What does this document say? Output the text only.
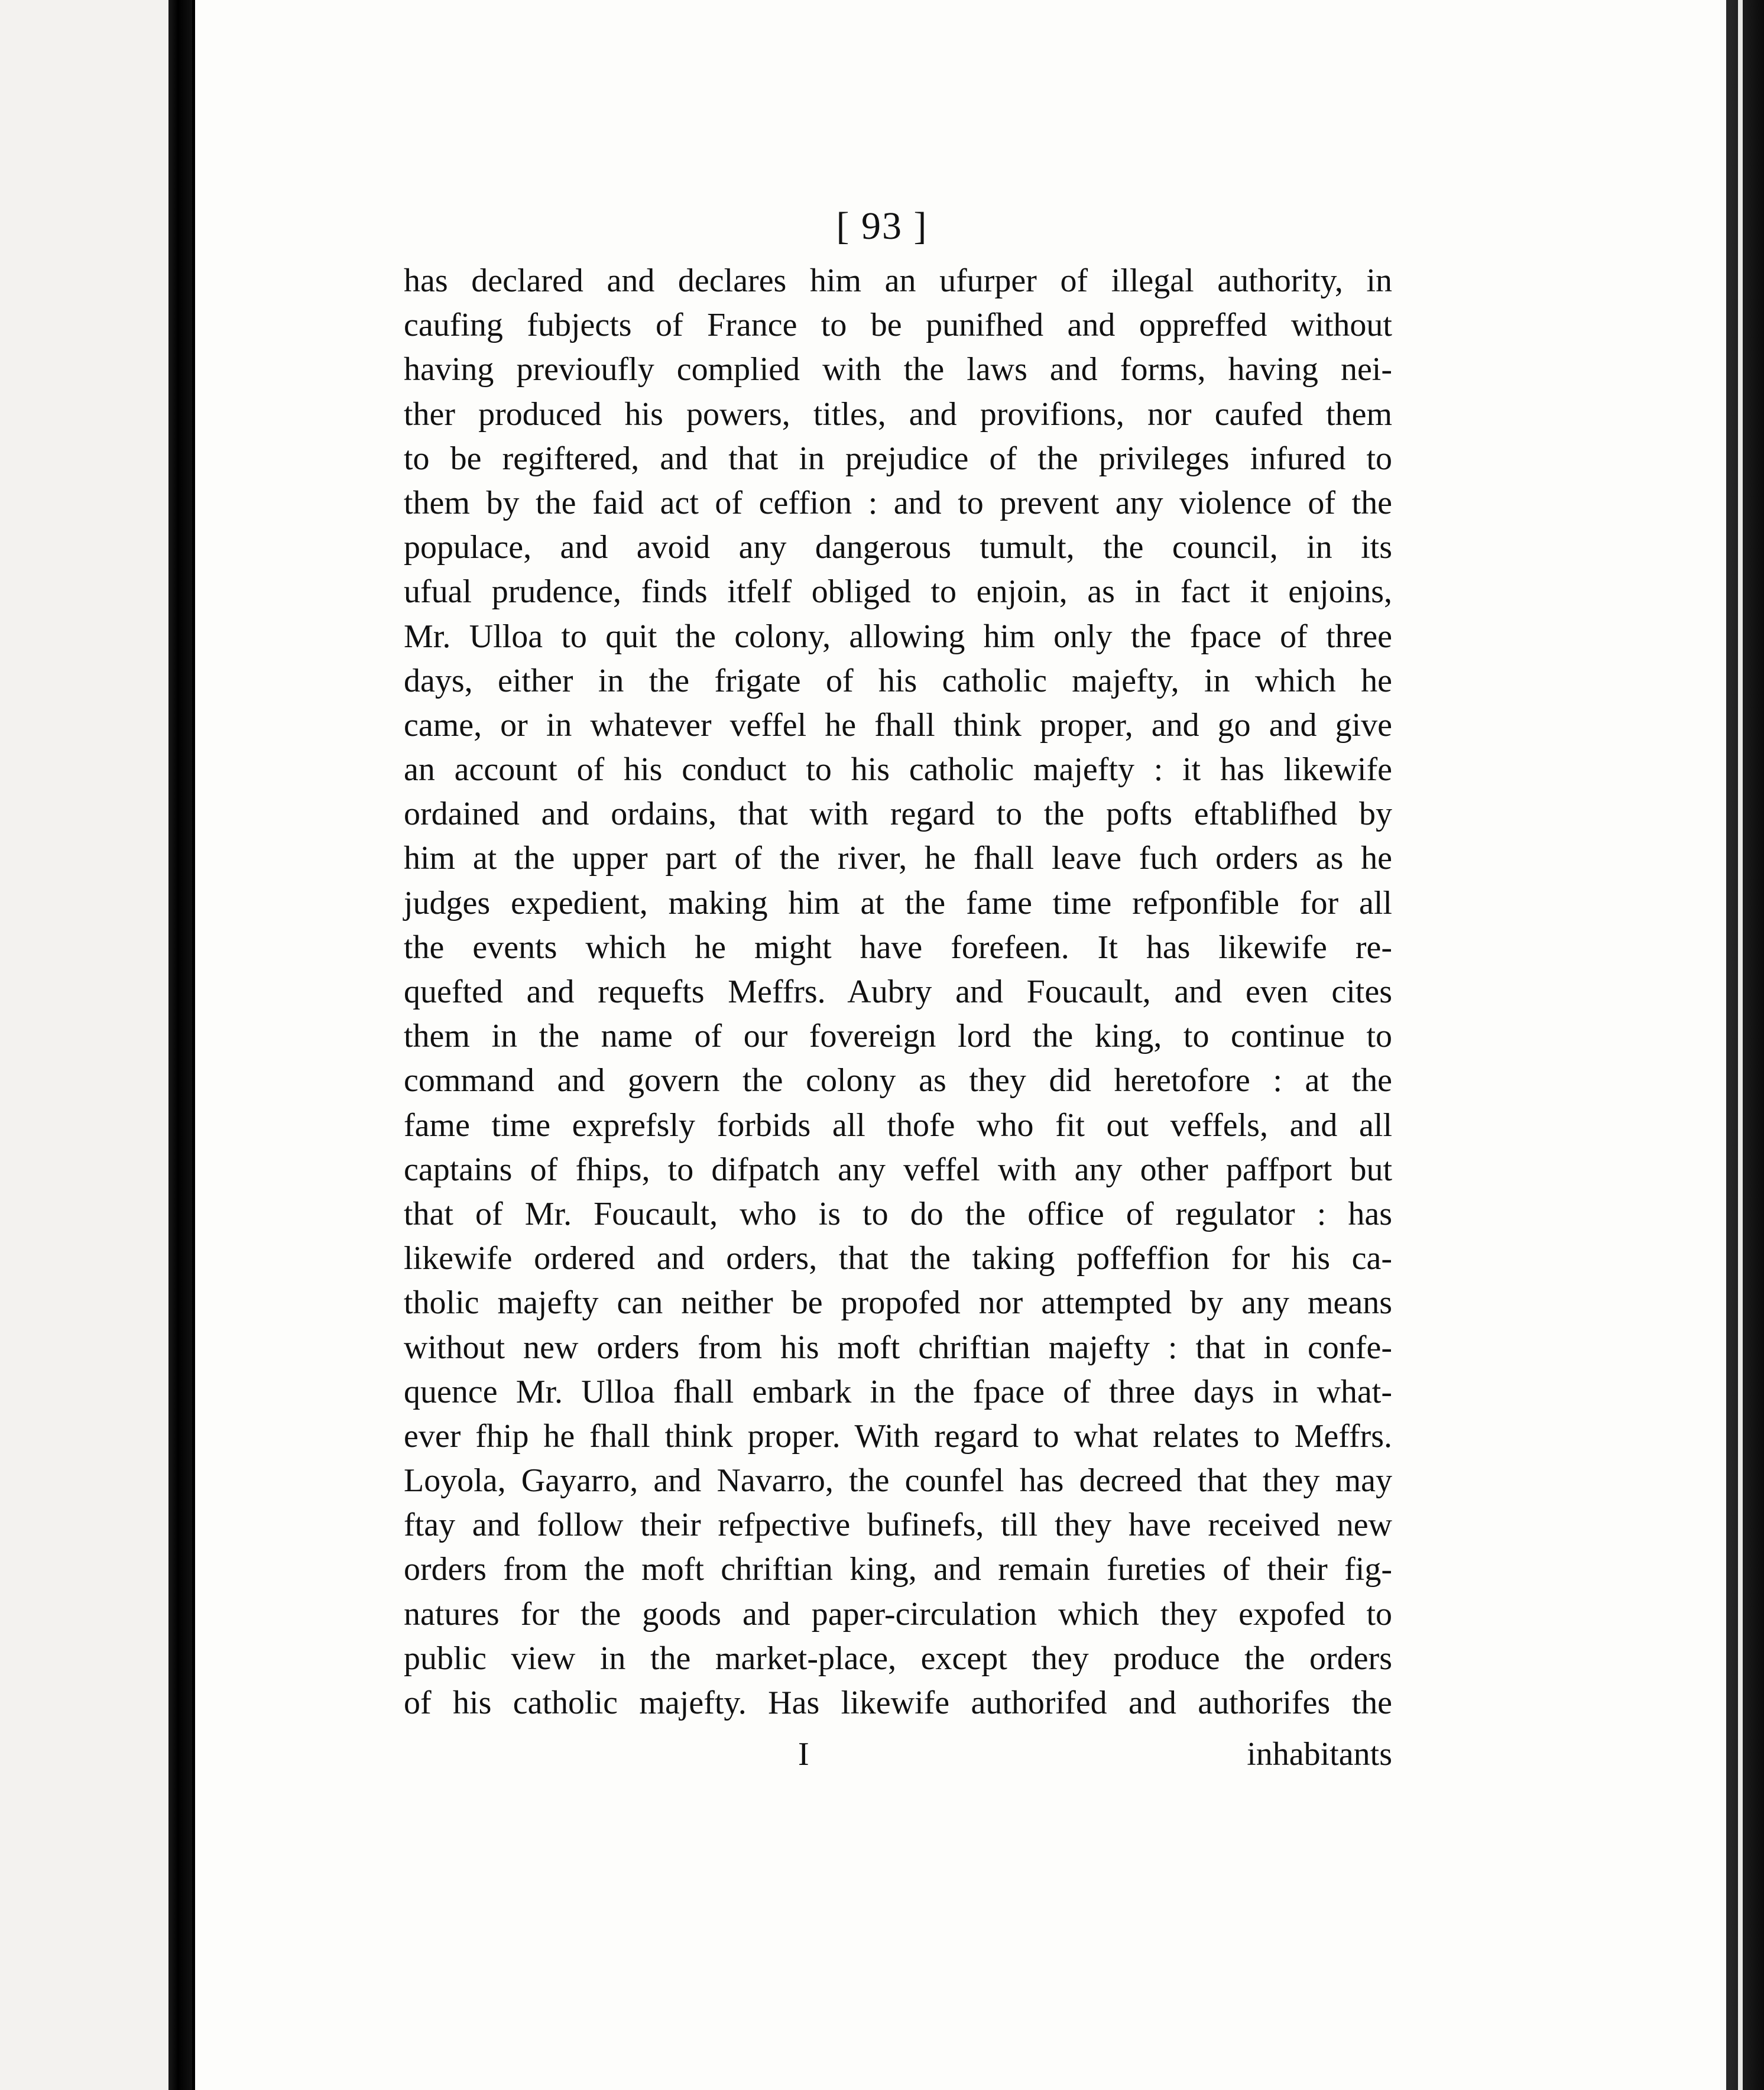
[ 93 ]
has declared and declares him an ufurper of illegal authority, in
caufing fubjects of France to be punifhed and oppreffed without
having previoufly complied with the laws and forms, having nei-
ther produced his powers, titles, and provifions, nor caufed them
to be regiftered, and that in prejudice of the privileges infured to
them by the faid act of ceffion : and to prevent any violence of the
populace, and avoid any dangerous tumult, the council, in its
ufual prudence, finds itfelf obliged to enjoin, as in fact it enjoins,
Mr. Ulloa to quit the colony, allowing him only the fpace of three
days, either in the frigate of his catholic majefty, in which he
came, or in whatever veffel he fhall think proper, and go and give
an account of his conduct to his catholic majefty : it has likewife
ordained and ordains, that with regard to the pofts eftablifhed by
him at the upper part of the river, he fhall leave fuch orders as he
judges expedient, making him at the fame time refponfible for all
the events which he might have forefeen. It has likewife re-
quefted and requefts Meffrs. Aubry and Foucault, and even cites
them in the name of our fovereign lord the king, to continue to
command and govern the colony as they did heretofore : at the
fame time exprefsly forbids all thofe who fit out veffels, and all
captains of fhips, to difpatch any veffel with any other paffport but
that of Mr. Foucault, who is to do the office of regulator : has
likewife ordered and orders, that the taking poffeffion for his ca-
tholic majefty can neither be propofed nor attempted by any means
without new orders from his moft chriftian majefty : that in confe-
quence Mr. Ulloa fhall embark in the fpace of three days in what-
ever fhip he fhall think proper. With regard to what relates to Meffrs.
Loyola, Gayarro, and Navarro, the counfel has decreed that they may
ftay and follow their refpective bufinefs, till they have received new
orders from the moft chriftian king, and remain fureties of their fig-
natures for the goods and paper-circulation which they expofed to
public view in the market-place, except they produce the orders
of his catholic majefty. Has likewife authorifed and authorifes the
I	inhabitants
